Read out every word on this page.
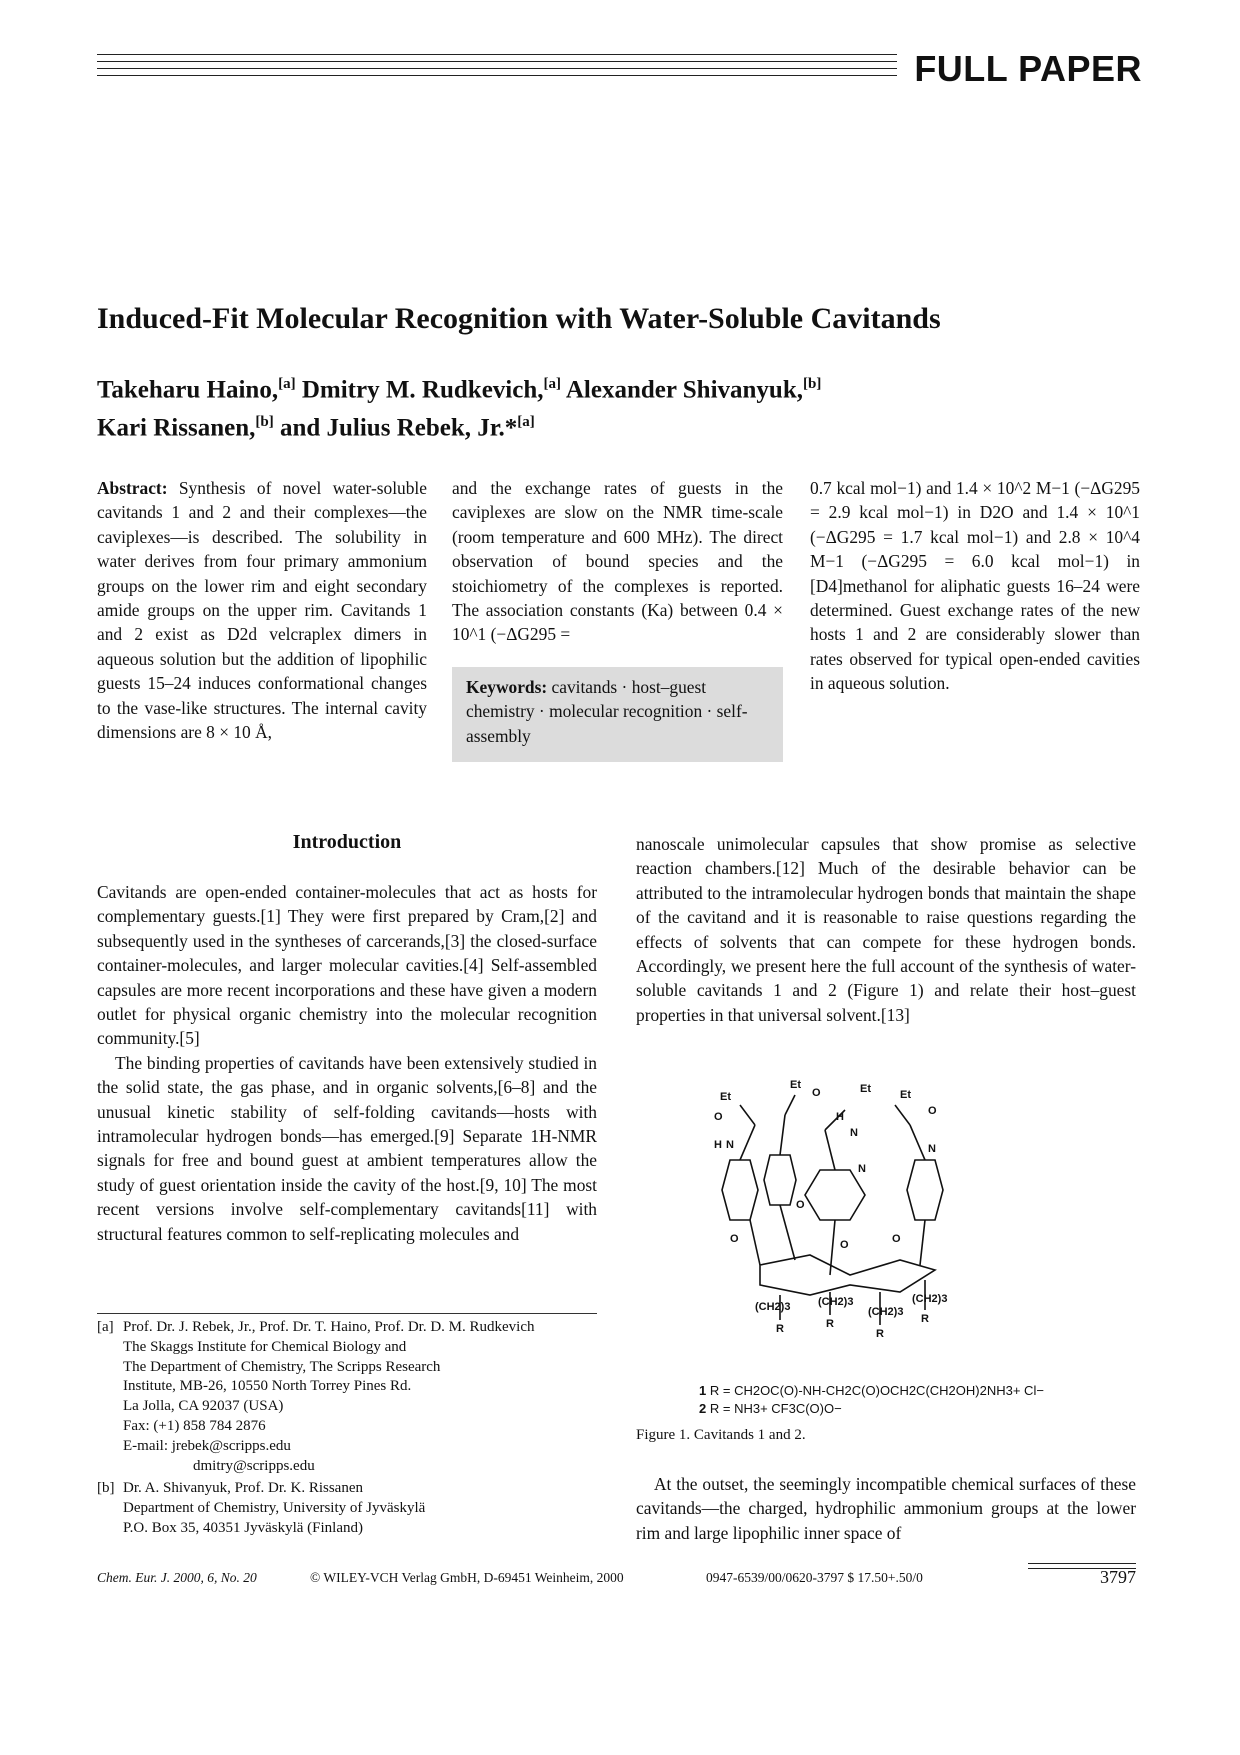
FULL PAPER
Induced-Fit Molecular Recognition with Water-Soluble Cavitands
Takeharu Haino,[a] Dmitry M. Rudkevich,[a] Alexander Shivanyuk,[b]
Kari Rissanen,[b] and Julius Rebek, Jr.*[a]

Abstract: Synthesis of novel water-soluble cavitands 1 and 2 and their complexes—the caviplexes—is described. The solubility in water derives from four primary ammonium groups on the lower rim and eight secondary amide groups on the upper rim. Cavitands 1 and 2 exist as D2d velcraplex dimers in aqueous solution but the addition of lipophilic guests 15–24 induces conformational changes to the vase-like structures. The internal cavity dimensions are 8 × 10 Å,

and the exchange rates of guests in the caviplexes are slow on the NMR time-scale (room temperature and 600 MHz). The direct observation of bound species and the stoichiometry of the complexes is reported. The association constants (Ka) between 0.4 × 10^1 (−ΔG295 =

Keywords: cavitands · host–guest chemistry · molecular recognition · self-assembly

0.7 kcal mol−1) and 1.4 × 10^2 M−1 (−ΔG295 = 2.9 kcal mol−1) in D2O and 1.4 × 10^1 (−ΔG295 = 1.7 kcal mol−1) and 2.8 × 10^4 M−1 (−ΔG295 = 6.0 kcal mol−1) in [D4]methanol for aliphatic guests 16–24 were determined. Guest exchange rates of the new hosts 1 and 2 are considerably slower than rates observed for typical open-ended cavities in aqueous solution.

Introduction

Cavitands are open-ended container-molecules that act as hosts for complementary guests.[1] They were first prepared by Cram,[2] and subsequently used in the syntheses of carcerands,[3] the closed-surface container-molecules, and larger molecular cavities.[4] Self-assembled capsules are more recent incorporations and these have given a modern outlet for physical organic chemistry into the molecular recognition community.[5]

The binding properties of cavitands have been extensively studied in the solid state, the gas phase, and in organic solvents,[6–8] and the unusual kinetic stability of self-folding cavitands—hosts with intramolecular hydrogen bonds—has emerged.[9] Separate 1H-NMR signals for free and bound guest at ambient temperatures allow the study of guest orientation inside the cavity of the host.[9, 10] The most recent versions involve self-complementary cavitands[11] with structural features common to self-replicating molecules and

nanoscale unimolecular capsules that show promise as selective reaction chambers.[12] Much of the desirable behavior can be attributed to the intramolecular hydrogen bonds that maintain the shape of the cavitand and it is reasonable to raise questions regarding the effects of solvents that can compete for these hydrogen bonds. Accordingly, we present here the full account of the synthesis of water-soluble cavitands 1 and 2 (Figure 1) and relate their host–guest properties in that universal solvent.[13]

At the outset, the seemingly incompatible chemical surfaces of these cavitands—the charged, hydrophilic ammonium groups at the lower rim and large lipophilic inner space of

[a] Prof. Dr. J. Rebek, Jr., Prof. Dr. T. Haino, Prof. Dr. D. M. Rudkevich
The Skaggs Institute for Chemical Biology and
The Department of Chemistry, The Scripps Research
Institute, MB-26, 10550 North Torrey Pines Rd.
La Jolla, CA 92037 (USA)
Fax: (+1) 858 784 2876
E-mail: jrebek@scripps.edu
dmitry@scripps.edu
[b] Dr. A. Shivanyuk, Prof. Dr. K. Rissanen
Department of Chemistry, University of Jyväskylä
P.O. Box 35, 40351 Jyväskylä (Finland)
Et
Et	Et	Et
O
O
O
H
H
N
N
N
N
O
O
O	O
(CH2)3	(CH2)3
(CH2)3
(CH2)3
R	R
R
R
1 R = CH2OC(O)-NH-CH2C(O)OCH2C(CH2OH)2NH3+ Cl−
2 R = NH3+ CF3C(O)O−
Figure 1. Cavitands 1 and 2.
Chem. Eur. J. 2000, 6, No. 20	© WILEY-VCH Verlag GmbH, D-69451 Weinheim, 2000	0947-6539/00/0620-3797 $ 17.50+.50/0	3797
